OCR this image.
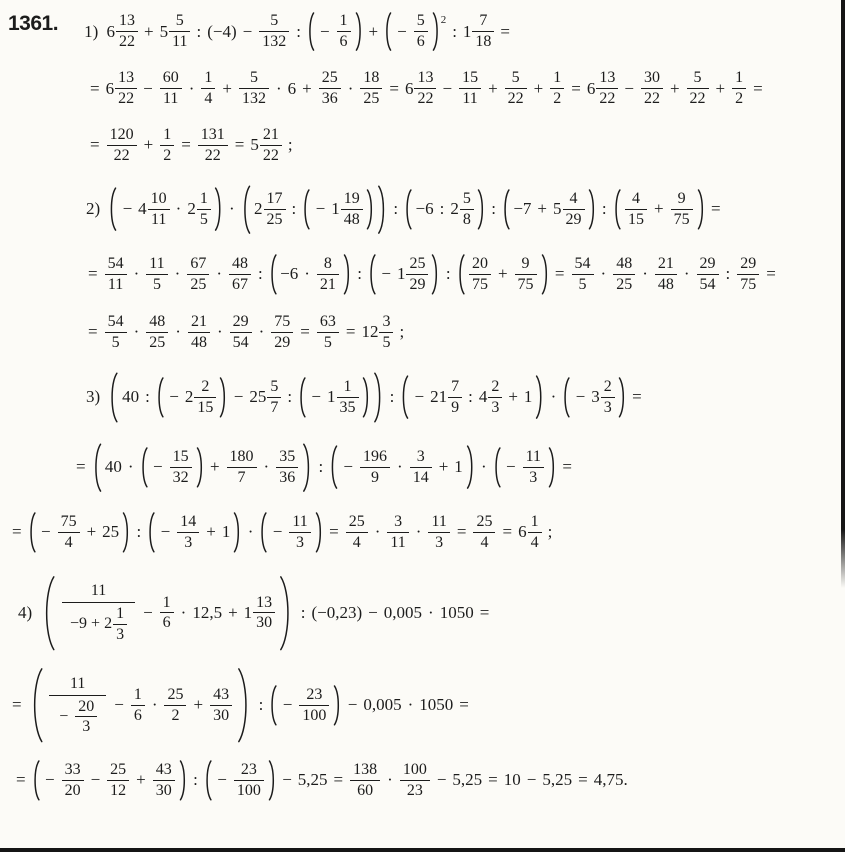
1361. 1) $6 \frac{13}{22} + 5 \frac{5}{11}$ : $(-4) - \frac{5}{132}$ : − $\frac{1}{6}$ + − $\frac{5}{6} 2$
: $1 \frac{7}{18}$ =
= $6 \frac{13}{22} - \frac{60}{11} \cdot \frac{1}{4} + \frac{5}{132} \cdot 6 + \frac{25}{36} \cdot \frac{18}{25} = 6 \frac{13}{22} - \frac{15}{11} + \frac{5}{22} + \frac{1}{2} = 6 \frac{13}{22} - \frac{30}{22} + \frac{5}{22} + \frac{1}{2}$ =
= $\frac{120}{22} + \frac{1}{2} = \frac{131}{22} = 5 \frac{21}{22}$ ;
$2) - 4 \frac{10}{11} \cdot 2 \frac{1}{5} \cdot 2 \frac{17}{25}$ : − $1 \frac{19}{48}$ : −6 : $2 \frac{5}{8}$ : $-7 + 5 \frac{4}{29}$ : $\frac{4}{15} + \frac{9}{75}$ =
= $\frac{54}{11} \cdot \frac{11}{5} \cdot \frac{67}{25} \cdot \frac{48}{67}$ : $-6 \cdot \frac{8}{21}$ : − $1 \frac{25}{29}$ : $\frac{20}{75} + \frac{9}{75} = \frac{54}{5} \cdot \frac{48}{25} \cdot \frac{21}{48} \cdot \frac{29}{54}$ : $\frac{29}{75}$ =
= $\frac{54}{5} \cdot \frac{48}{25} \cdot \frac{21}{48} \cdot \frac{29}{54} \cdot \frac{75}{29} = \frac{63}{5} = 12 \frac{3}{5}$ ;
3) 40 : − $2 \frac{2}{15} - 25 \frac{5}{7}$ : − $1 \frac{1}{35}$ : − $21 \frac{7}{9}$ : $4 \frac{2}{3} + 1$ · − $3 \frac{2}{3}$ =
= 40 · − $\frac{15}{32} + \frac{180}{7} \cdot \frac{35}{36}$ : − $\frac{196}{9} \cdot \frac{3}{14} + 1$ · − $\frac{11}{3}$ =
= − $\frac{75}{4} + 25$ : − $\frac{14}{3} + 1$ · − $\frac{11}{3} = \frac{25}{4} \cdot \frac{3}{11} \cdot \frac{11}{3} = \frac{25}{4} = 6 \frac{1}{4}$ ;
$4) \frac{11}{-9 + 2 \frac{1}{3}} - \frac{1}{6} \cdot 12,5 + 1 \frac{13}{30}$ : (−0,23) − 0,005 · 1050 =
= $\frac{11}{- \frac{20}{3}} - \frac{1}{6} \cdot \frac{25}{2} + \frac{43}{30}$ : − $\frac{23}{100} - 0,005 \cdot 1050$ =
= − $\frac{33}{20} - \frac{25}{12} + \frac{43}{30}$ : − $\frac{23}{100} - 5,25 = \frac{138}{60} \cdot \frac{100}{23} - 5,25 = 10 - 5,25 = 4,75$.
